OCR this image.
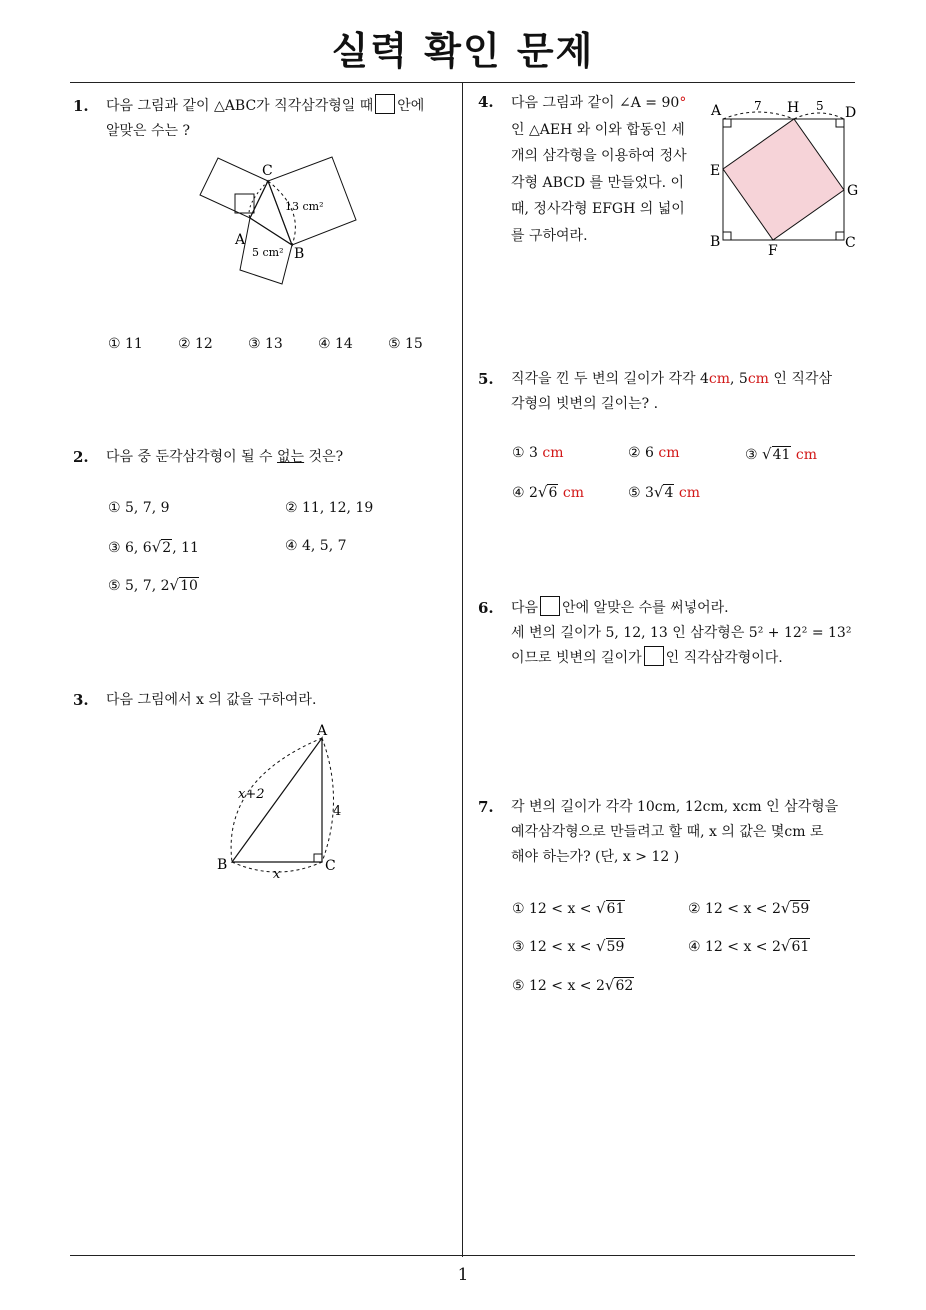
실력 확인 문제
1
1. 다음 그림과 같이 △ABC가 직각삼각형일 때 안에
알맞은 수는 ?
C
A
B
13 cm²
5 cm²
① 11	② 12	③ 13	④ 14	⑤ 15
2. 다음 중 둔각삼각형이 될 수 없는 것은?
① 5, 7, 9	② 11, 12, 19
③ 6, 6√2, 11	④ 4, 5, 7
⑤ 5, 7, 2√10
3. 다음 그림에서 x 의 값을 구하여라.
A
B	C
x+2
4
x
4. 다음 그림과 같이 ∠A = 90°
인 △AEH 와 이와 합동인 세
개의 삼각형을 이용하여 정사
각형 ABCD 를 만들었다. 이
때, 정사각형 EFGH 의 넓이
를 구하여라.
A	H	D
E
G
B
F	C
7	5
5. 직각을 낀 두 변의 길이가 각각 4cm, 5cm 인 직각삼
각형의 빗변의 길이는? .
① 3 cm	② 6 cm	③ √41 cm
④ 2√6 cm	⑤ 3√4 cm
6. 다음 안에 알맞은 수를 써넣어라.
세 변의 길이가 5, 12, 13 인 삼각형은 5² + 12² = 13²
이므로 빗변의 길이가 인 직각삼각형이다.
7. 각 변의 길이가 각각 10cm, 12cm, xcm 인 삼각형을
예각삼각형으로 만들려고 할 때, x 의 값은 몇cm 로
해야 하는가? (단, x > 12 )
① 12 < x < √61	② 12 < x < 2√59
③ 12 < x < √59	④ 12 < x < 2√61
⑤ 12 < x < 2√62
